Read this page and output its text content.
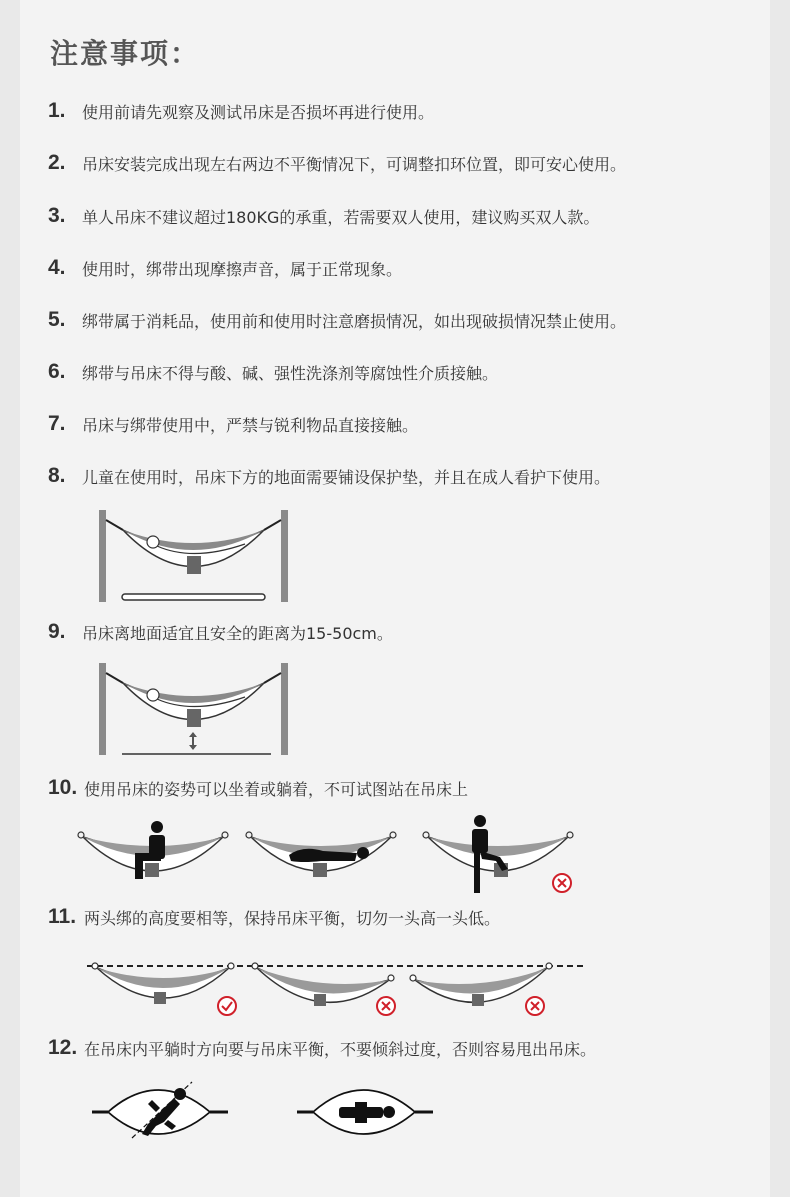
注意事项：
1.	使用前请先观察及测试吊床是否损坏再进行使用。
2.	吊床安装完成出现左右两边不平衡情况下，可调整扣环位置，即可安心使用。
3.	单人吊床不建议超过180KG的承重，若需要双人使用，建议购买双人款。
4.	使用时，绑带出现摩擦声音，属于正常现象。
5.	绑带属于消耗品，使用前和使用时注意磨损情况，如出现破损情况禁止使用。
6.	绑带与吊床不得与酸、碱、强性洗涤剂等腐蚀性介质接触。
7.	吊床与绑带使用中，严禁与锐利物品直接接触。
8.	儿童在使用时，吊床下方的地面需要铺设保护垫，并且在成人看护下使用。
9.	吊床离地面适宜且安全的距离为15-50cm。
10. 使用吊床的姿势可以坐着或躺着，不可试图站在吊床上
11. 两头绑的高度要相等，保持吊床平衡，切勿一头高一头低。
12. 在吊床内平躺时方向要与吊床平衡，不要倾斜过度，否则容易甩出吊床。
